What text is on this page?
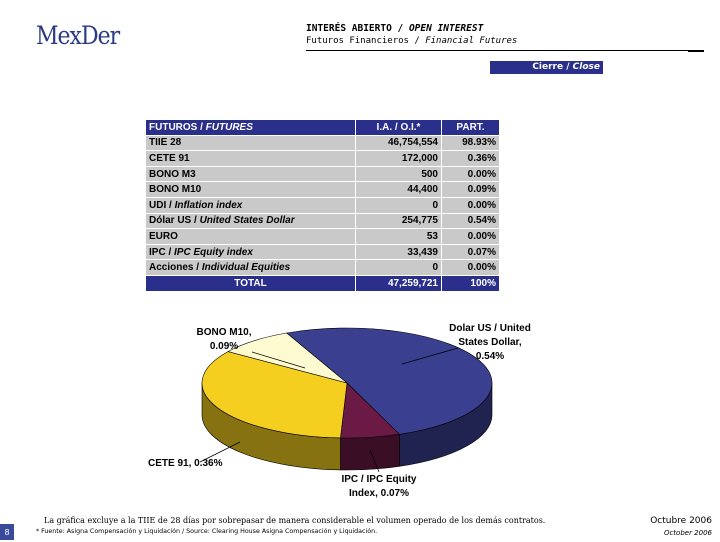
MexDer	INTERÉS ABIERTO / OPEN INTEREST
Futuros Financieros / Financial Futures
Cierre / Close
FUTUROS / FUTURES	I.A. / O.I.*	PART.
TIIE 28	46,754,554	98.93%
CETE 91	172,000	0.36%
BONO M3	500	0.00%
BONO M10	44,400	0.09%
UDI / Inflation index	0	0.00%
Dólar US / United States Dollar	254,775	0.54%
EURO	53	0.00%
IPC / IPC Equity index	33,439	0.07%
Acciones / Individual Equities	0	0.00%
TOTAL	47,259,721	100%
Dolar US / United
States Dollar,
0.54%
BONO M10,
0.09%
CETE 91, 0.36%
IPC / IPC Equity
Index, 0.07%
La gráfica excluye a la TIIE de 28 días por sobrepasar de manera considerable el volumen operado de los demás contratos.
* Fuente: Asigna Compensación y Liquidación / Source: Clearing House Asigna Compensación y Liquidación.
8
Octubre 2006
October 2006
